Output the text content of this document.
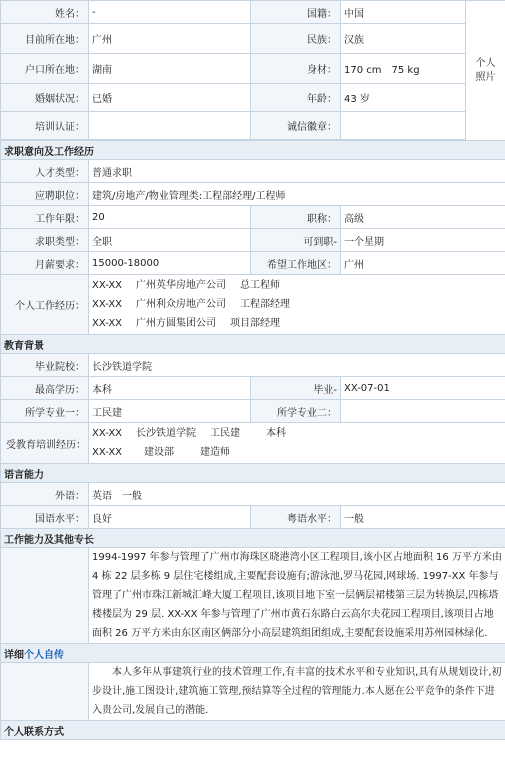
姓名：	-	国籍：	中国	个人照片
目前所在地：	广州	民族：	汉族	
户口所在地：	湖南	身材：	170 cm　75 kg	
婚姻状况：	已婚	年龄：	43 岁	
培训认证：		诚信徽章：		

求职意向及工作经历				
人才类型：	普通求职			
应聘职位：	建筑/房地产/物业管理类:工程部经理/工程师			
工作年限：	20	职称：	高级	
求职类型：	全职	可到职-	一个星期	
月薪要求：	15000-18000	希望工作地区：	广州	
个人工作经历：	XX-XX 广州英华房地产公司 总工程师
XX-XX 广州利众房地产公司 工程部经理
XX-XX 广州方圆集团公司 项目部经理			

教育背景				
毕业院校：	长沙铁道学院			
最高学历：	本科	毕业-	XX-07-01	
所学专业一：	工民建	所学专业二：		
受教育培训经历：	XX-XX 长沙铁道学院 工民建 本科
XX-XX 建设部 建造师			

语言能力				
外语：	英语　一般			
国语水平：	良好	粤语水平：	一般	
工作能力及其他专长				
	1994-1997 年参与管理了广州市海珠区晓港湾小区工程项目,该小区占地面积 16 万平方米由 4 栋 22 层多栋 9 层住宅楼组成,主要配套设施有;游泳池,罗马花园,网球场. 1997-XX 年参与管理了广州市珠江新城汇峰大厦工程项目,该项目地下室一层俩层裙楼第三层为转换层,四栋塔楼楼层为 29 层. XX-XX 年参与管理了广州市黄石东路白云高尔夫花园工程项目,该项目占地面积 26 万平方米由东区南区俩部分小高层建筑组团组成,主要配套设施采用苏州园林绿化.			
详细个人自传				
	本人多年从事建筑行业的技术管理工作,有丰富的技术水平和专业知识,具有从规划设计,初步设计,施工图设计,建筑施工管理,预结算等全过程的管理能力.本人愿在公平竞争的条件下进入贵公司,发展自己的潜能.			
个人联系方式				
